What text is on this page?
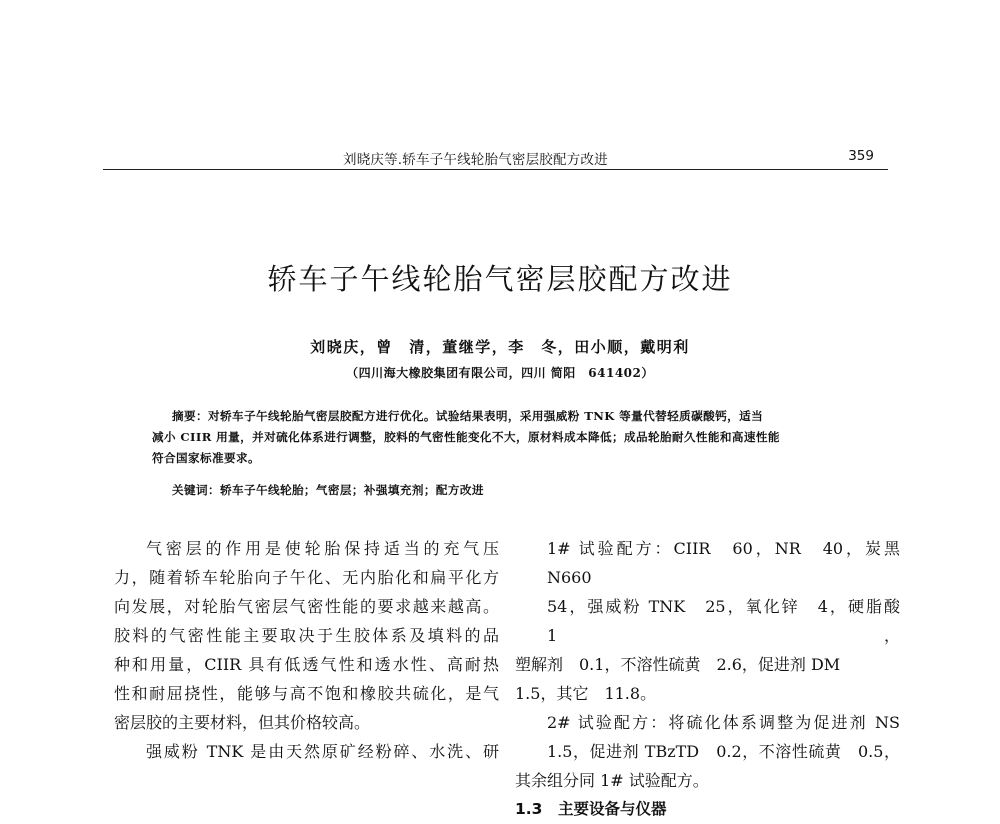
刘晓庆等.轿车子午线轮胎气密层胶配方改进	359
轿车子午线轮胎气密层胶配方改进
刘晓庆，曾　清，董继学，李　冬，田小顺，戴明利
（四川海大橡胶集团有限公司，四川 简阳　641402）
摘要：对轿车子午线轮胎气密层胶配方进行优化。试验结果表明，采用强威粉 TNK 等量代替轻质碳酸钙，适当
减小 CIIR 用量，并对硫化体系进行调整，胶料的气密性能变化不大，原材料成本降低；成品轮胎耐久性能和高速性能
符合国家标准要求。
关键词：轿车子午线轮胎；气密层；补强填充剂；配方改进
气密层的作用是使轮胎保持适当的充气压
力，随着轿车轮胎向子午化、无内胎化和扁平化方
向发展，对轮胎气密层气密性能的要求越来越高。
胶料的气密性能主要取决于生胶体系及填料的品
种和用量，CIIR 具有低透气性和透水性、高耐热
性和耐屈挠性，能够与高不饱和橡胶共硫化，是气
密层胶的主要材料，但其价格较高。
强威粉 TNK 是由天然原矿经粉碎、水洗、研
1# 试验配方：CIIR　60，NR　40，炭黑 N660
54，强威粉 TNK　25，氧化锌　4，硬脂酸　1，
塑解剂　0.1，不溶性硫黄　2.6，促进剂 DM
1.5，其它　11.8。
2# 试验配方：将硫化体系调整为促进剂 NS
1.5，促进剂 TBzTD　0.2，不溶性硫黄　0.5，
其余组分同 1# 试验配方。
1.3　主要设备与仪器
